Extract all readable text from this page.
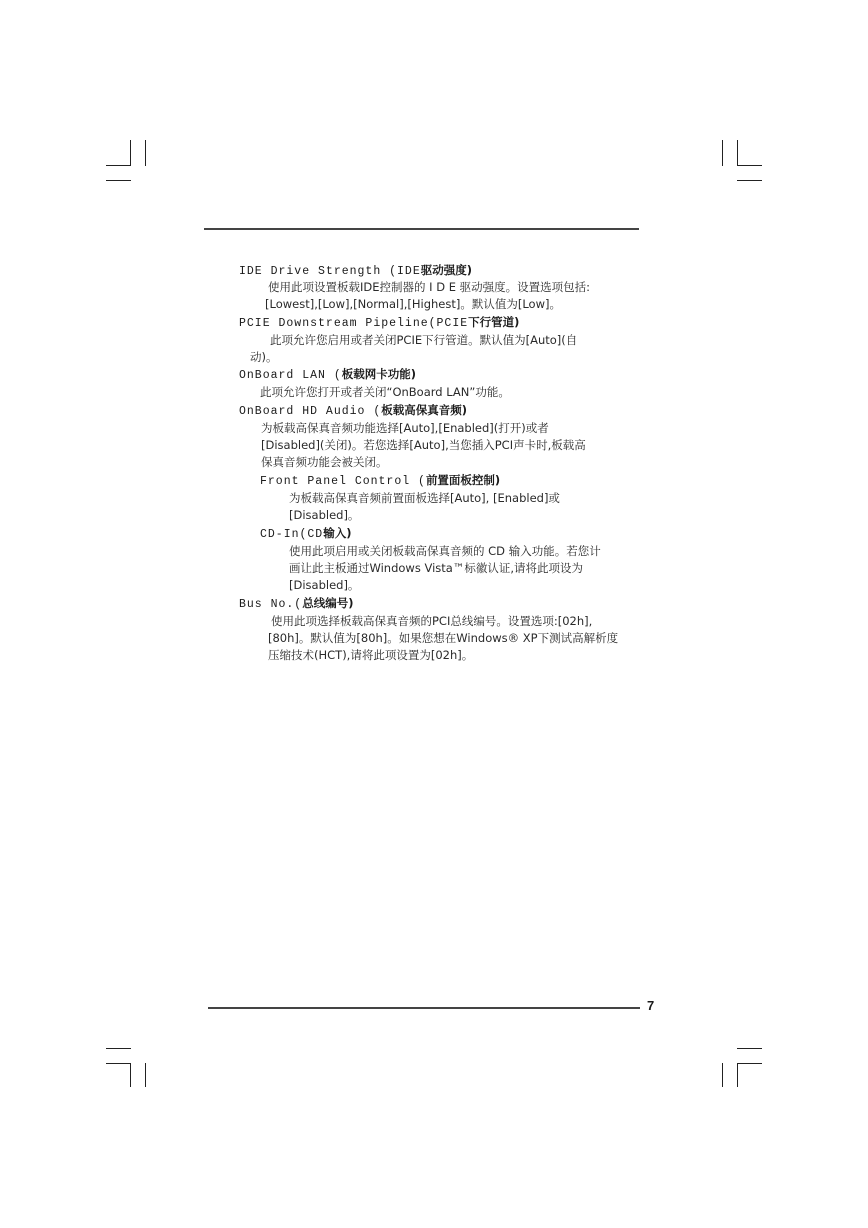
IDE Drive Strength (IDE驱动强度)
使用此项设置板载IDE控制器的 I D E 驱动强度。设置选项包括:
[Lowest],[Low],[Normal],[Highest]。默认值为[Low]。
PCIE Downstream Pipeline(PCIE下行管道)
此项允许您启用或者关闭PCIE下行管道。默认值为[Auto](自
动)。
OnBoard LAN (板载网卡功能)
此项允许您打开或者关闭“OnBoard LAN”功能。
OnBoard HD Audio (板载高保真音频)
为板载高保真音频功能选择[Auto],[Enabled](打开)或者
[Disabled](关闭)。若您选择[Auto],当您插入PCI声卡时,板载高
保真音频功能会被关闭。
Front Panel Control (前置面板控制)
为板载高保真音频前置面板选择[Auto], [Enabled]或
[Disabled]。
CD-In(CD输入)
使用此项启用或关闭板载高保真音频的 CD 输入功能。若您计
画让此主板通过Windows Vista™标徽认证,请将此项设为
[Disabled]。
Bus No.(总线编号)
使用此项选择板载高保真音频的PCI总线编号。设置选项:[02h],
[80h]。默认值为[80h]。如果您想在Windows® XP下测试高解析度
压缩技术(HCT),请将此项设置为[02h]。
7
